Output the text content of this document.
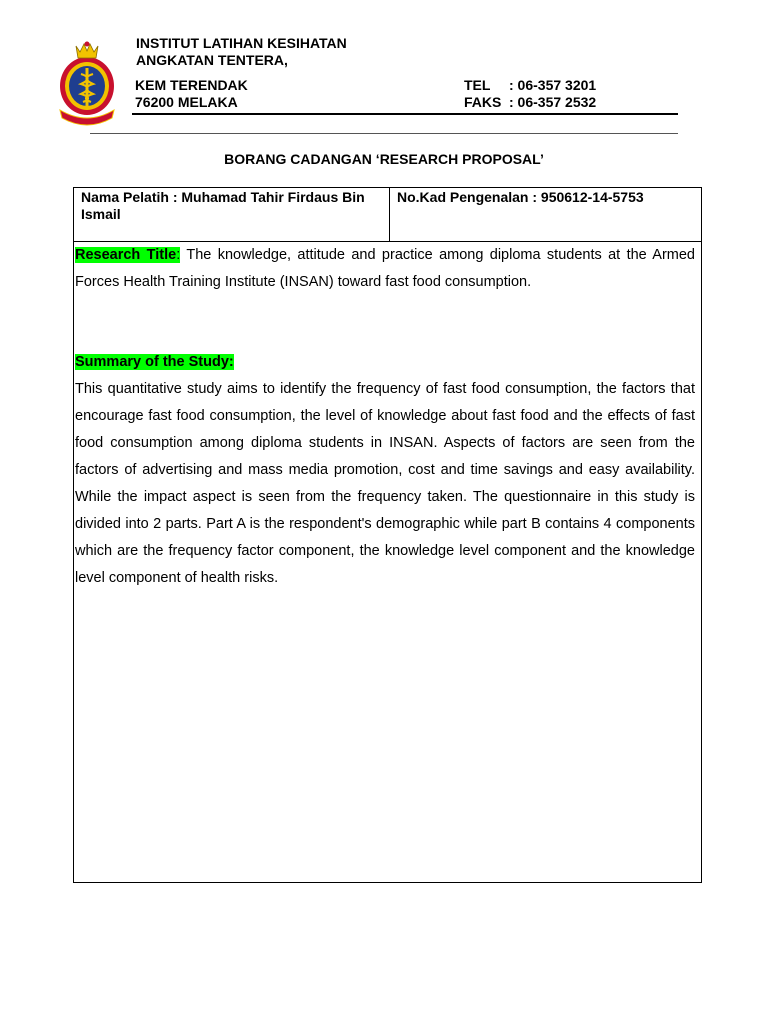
INSTITUT LATIHAN KESIHATAN
ANGKATAN TENTERA,
KEM TERENDAK
76200 MELAKA
TEL	: 06-357 3201
FAKS : 06-357 2532
BORANG CADANGAN ‘RESEARCH PROPOSAL’
Nama Pelatih : Muhamad Tahir Firdaus Bin
Ismail
No.Kad Pengenalan : 950612-14-5753

Research Title: The knowledge, attitude and practice among diploma students at the Armed Forces Health Training Institute (INSAN) toward fast food consumption.

Summary of the Study:

This quantitative study aims to identify the frequency of fast food consumption, the factors that encourage fast food consumption, the level of knowledge about fast food and the effects of fast food consumption among diploma students in INSAN. Aspects of factors are seen from the factors of advertising and mass media promotion, cost and time savings and easy availability. While the impact aspect is seen from the frequency taken. The questionnaire in this study is divided into 2 parts. Part A is the respondent's demographic while part B contains 4 components which are the frequency factor component, the knowledge level component and the knowledge level component of health risks.
